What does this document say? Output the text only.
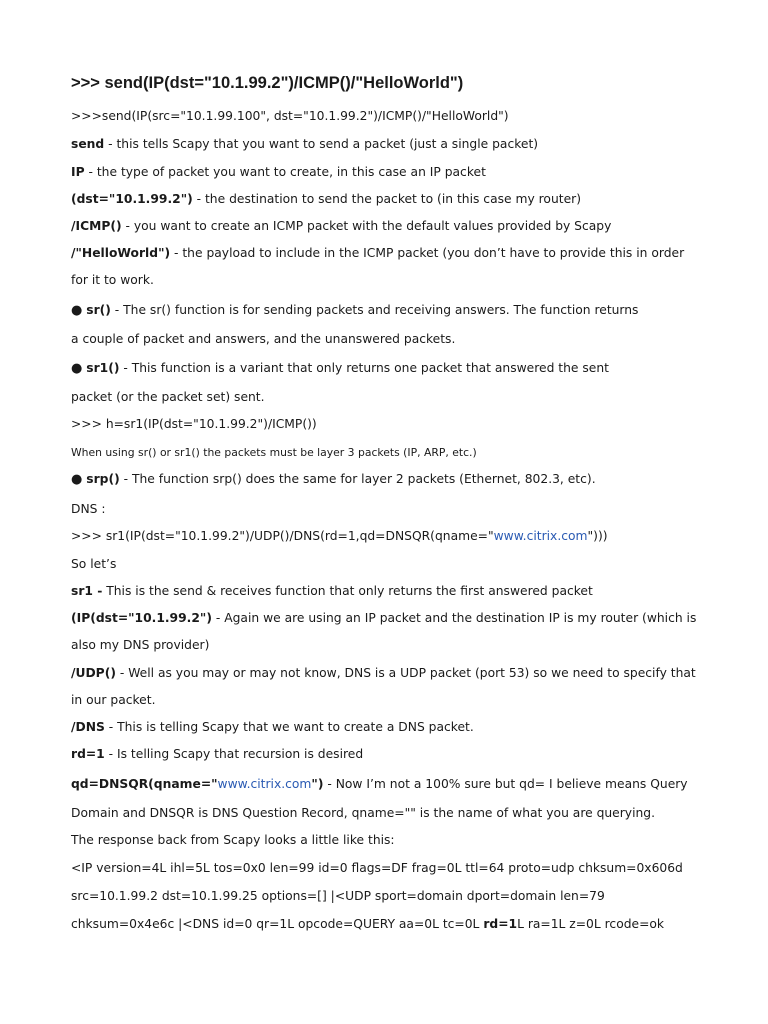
>>> send(IP(dst="10.1.99.2")/ICMP()/"HelloWorld")
>>>send(IP(src="10.1.99.100", dst="10.1.99.2")/ICMP()/"HelloWorld")
send - this tells Scapy that you want to send a packet (just a single packet)
IP - the type of packet you want to create, in this case an IP packet
(dst="10.1.99.2") - the destination to send the packet to (in this case my router)
/ICMP() - you want to create an ICMP packet with the default values provided by Scapy
/"HelloWorld") - the payload to include in the ICMP packet (you don’t have to provide this in order
for it to work.
● sr() - The sr() function is for sending packets and receiving answers. The function returns
a couple of packet and answers, and the unanswered packets.
● sr1() - This function is a variant that only returns one packet that answered the sent
packet (or the packet set) sent.
>>> h=sr1(IP(dst="10.1.99.2")/ICMP())
When using sr() or sr1() the packets must be layer 3 packets (IP, ARP, etc.)
● srp() - The function srp() does the same for layer 2 packets (Ethernet, 802.3, etc).
DNS :
>>> sr1(IP(dst="10.1.99.2")/UDP()/DNS(rd=1,qd=DNSQR(qname="www.citrix.com")))
So let’s
sr1 - This is the send & receives function that only returns the first answered packet
(IP(dst="10.1.99.2") - Again we are using an IP packet and the destination IP is my router (which is
also my DNS provider)
/UDP() - Well as you may or may not know, DNS is a UDP packet (port 53) so we need to specify that
in our packet.
/DNS - This is telling Scapy that we want to create a DNS packet.
rd=1 - Is telling Scapy that recursion is desired
qd=DNSQR(qname="www.citrix.com") - Now I’m not a 100% sure but qd= I believe means Query
Domain and DNSQR is DNS Question Record, qname="" is the name of what you are querying.
The response back from Scapy looks a little like this:
<IP version=4L ihl=5L tos=0x0 len=99 id=0 flags=DF frag=0L ttl=64 proto=udp chksum=0x606d
src=10.1.99.2 dst=10.1.99.25 options=[] |<UDP sport=domain dport=domain len=79
chksum=0x4e6c |<DNS id=0 qr=1L opcode=QUERY aa=0L tc=0L rd=1L ra=1L z=0L rcode=ok
